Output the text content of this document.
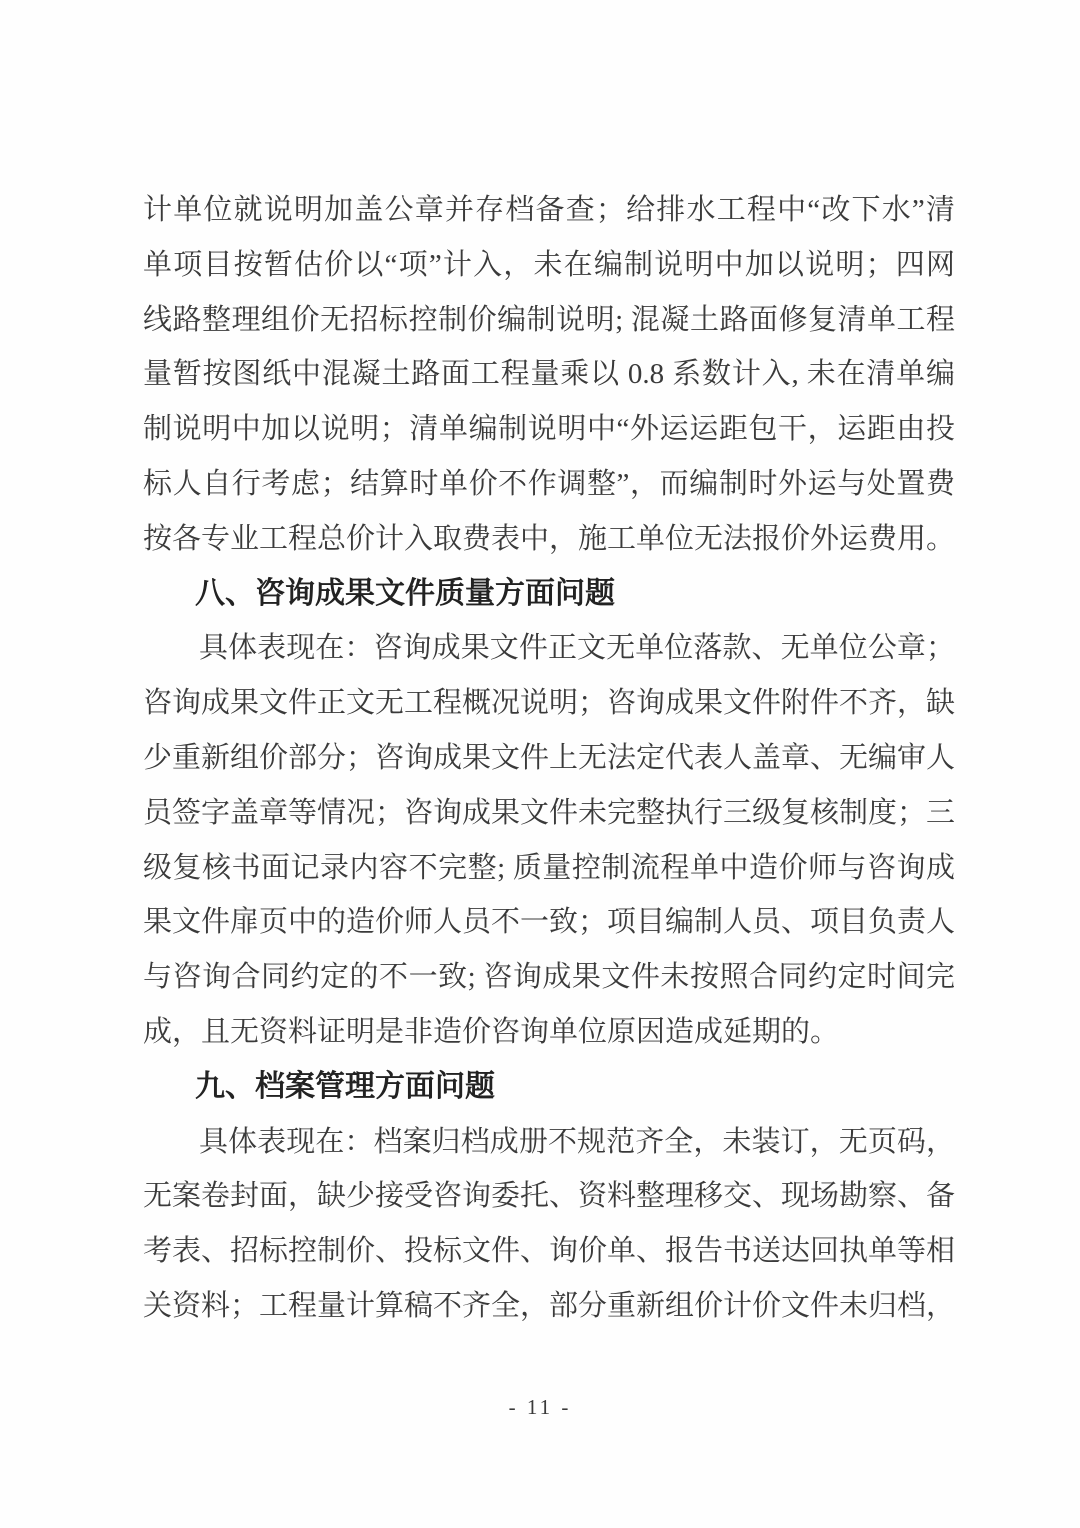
计单位就说明加盖公章并存档备查；给排水工程中“改下水”清
单项目按暂估价以“项”计入，未在编制说明中加以说明；四网
线路整理组价无招标控制价编制说明; 混凝土路面修复清单工程
量暂按图纸中混凝土路面工程量乘以 0.8 系数计入, 未在清单编
制说明中加以说明；清单编制说明中“外运运距包干，运距由投
标人自行考虑；结算时单价不作调整”，而编制时外运与处置费
按各专业工程总价计入取费表中，施工单位无法报价外运费用。
八、咨询成果文件质量方面问题
具体表现在：咨询成果文件正文无单位落款、无单位公章；
咨询成果文件正文无工程概况说明；咨询成果文件附件不齐，缺
少重新组价部分；咨询成果文件上无法定代表人盖章、无编审人
员签字盖章等情况；咨询成果文件未完整执行三级复核制度；三
级复核书面记录内容不完整; 质量控制流程单中造价师与咨询成
果文件扉页中的造价师人员不一致；项目编制人员、项目负责人
与咨询合同约定的不一致; 咨询成果文件未按照合同约定时间完
成，且无资料证明是非造价咨询单位原因造成延期的。
九、档案管理方面问题
具体表现在：档案归档成册不规范齐全，未装订，无页码，
无案卷封面，缺少接受咨询委托、资料整理移交、现场勘察、备
考表、招标控制价、投标文件、询价单、报告书送达回执单等相
关资料；工程量计算稿不齐全，部分重新组价计价文件未归档，
- 11 -
